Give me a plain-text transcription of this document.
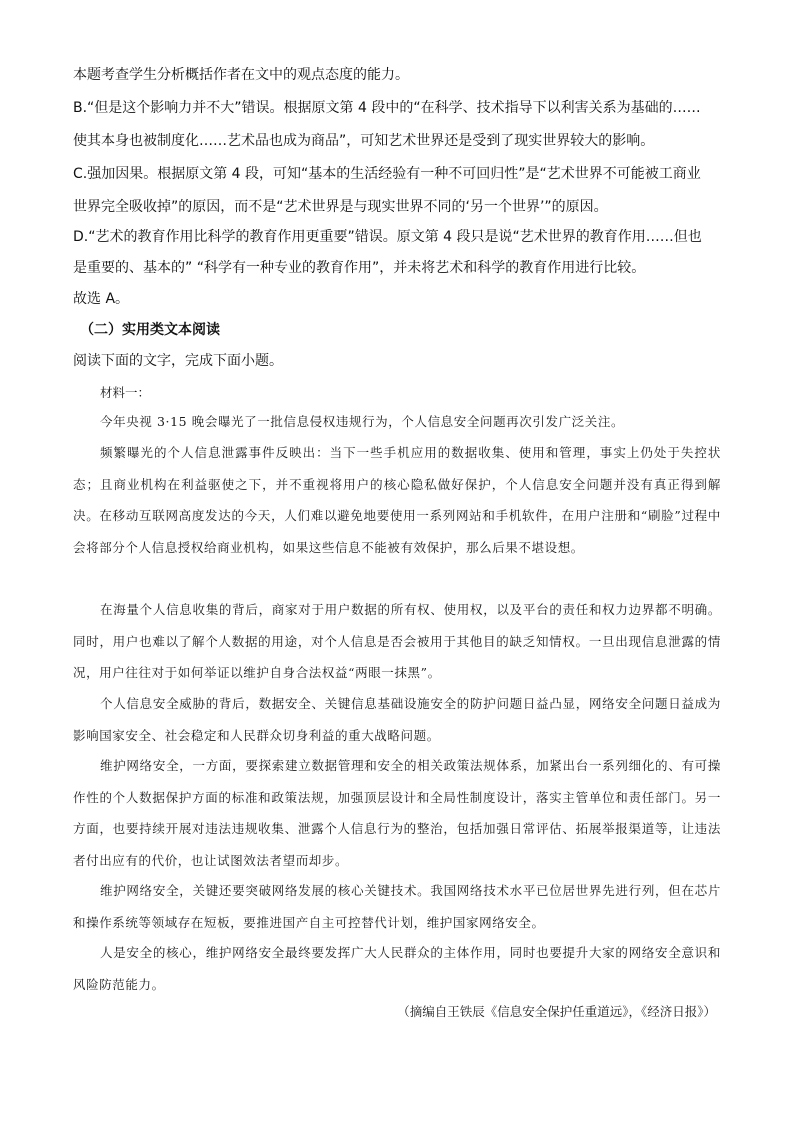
本题考查学生分析概括作者在文中的观点态度的能力。
B.“但是这个影响力并不大”错误。根据原文第 4 段中的“在科学、技术指导下以利害关系为基础的……
使其本身也被制度化……艺术品也成为商品”，可知艺术世界还是受到了现实世界较大的影响。
C.强加因果。根据原文第 4 段，可知“基本的生活经验有一种不可回归性”是“艺术世界不可能被工商业
世界完全吸收掉”的原因，而不是“艺术世界是与现实世界不同的‘另一个世界’”的原因。
D.“艺术的教育作用比科学的教育作用更重要”错误。原文第 4 段只是说“艺术世界的教育作用……但也
是重要的、基本的” “科学有一种专业的教育作用”，并未将艺术和科学的教育作用进行比较。
故选 A。
（二）实用类文本阅读
阅读下面的文字，完成下面小题。
材料一：
今年央视 3·15 晚会曝光了一批信息侵权违规行为，个人信息安全问题再次引发广泛关注。
频繁曝光的个人信息泄露事件反映出：当下一些手机应用的数据收集、使用和管理，事实上仍处于失控状态；且商业机构在利益驱使之下，并不重视将用户的核心隐私做好保护，个人信息安全问题并没有真正得到解决。在移动互联网高度发达的今天，人们难以避免地要使用一系列网站和手机软件，在用户注册和“刷脸”过程中会将部分个人信息授权给商业机构，如果这些信息不能被有效保护，那么后果不堪设想。
在海量个人信息收集的背后，商家对于用户数据的所有权、使用权，以及平台的责任和权力边界都不明确。同时，用户也难以了解个人数据的用途，对个人信息是否会被用于其他目的缺乏知情权。一旦出现信息泄露的情况，用户往往对于如何举证以维护自身合法权益“两眼一抹黑”。
个人信息安全威胁的背后，数据安全、关键信息基础设施安全的防护问题日益凸显，网络安全问题日益成为影响国家安全、社会稳定和人民群众切身利益的重大战略问题。
维护网络安全，一方面，要探索建立数据管理和安全的相关政策法规体系，加紧出台一系列细化的、有可操作性的个人数据保护方面的标准和政策法规，加强顶层设计和全局性制度设计，落实主管单位和责任部门。另一方面，也要持续开展对违法违规收集、泄露个人信息行为的整治，包括加强日常评估、拓展举报渠道等，让违法者付出应有的代价，也让试图效法者望而却步。
维护网络安全，关键还要突破网络发展的核心关键技术。我国网络技术水平已位居世界先进行列，但在芯片和操作系统等领域存在短板，要推进国产自主可控替代计划，维护国家网络安全。
人是安全的核心，维护网络安全最终要发挥广大人民群众的主体作用，同时也要提升大家的网络安全意识和风险防范能力。
（摘编自王铁辰《信息安全保护任重道远》，《经济日报》）
